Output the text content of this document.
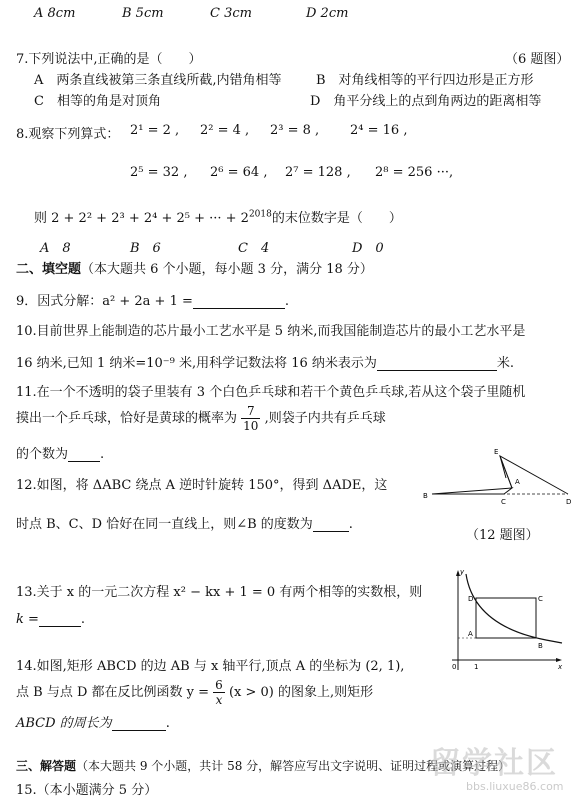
A 8cm	B 5cm	C 3cm	D 2cm
7.下列说法中,正确的是（　　）	（6 题图）
A　两条直线被第三条直线所截,内错角相等	B　对角线相等的平行四边形是正方形
C　相等的角是对顶角	D　角平分线上的点到角两边的距离相等
8.观察下列算式： 2¹ = 2 , 2² = 4 , 2³ = 8 , 2⁴ = 16 ,
2⁵ = 32 , 2⁶ = 64 , 2⁷ = 128 , 2⁸ = 256 ···,
则 2 + 2² + 2³ + 2⁴ + 2⁵ + ··· + $2^{2018}$的末位数字是（　　）
A　8	B　6	C　4	D　0
二、填空题（本大题共 6 个小题，每小题 3 分，满分 18 分）
9．因式分解：a² + 2a + 1 =	.
10.目前世界上能制造的芯片最小工艺水平是 5 纳米,而我国能制造芯片的最小工艺水平是
16 纳米,已知 1 纳米=10⁻⁹ 米,用科学记数法将 16 纳米表示为	米.
11.在一个不透明的袋子里装有 3 个白色乒乓球和若干个黄色乒乓球,若从这个袋子里随机
摸出一个乒乓球，恰好是黄球的概率为 $\frac{7}{10}$ ,则袋子内共有乒乓球
的个数为 .
12.如图，将 ΔABC 绕点 A 逆时针旋转 150°，得到 ΔADE，这
时点 B、C、D 恰好在同一直线上，则∠B 的度数为	.
E
B
A
C	D
（12 题图）
13.关于 x 的一元二次方程 x² − kx + 1 = 0 有两个相等的实数根，则
k =	.
y
x
0	1
D	C
A
B
14.如图,矩形 ABCD 的边 AB 与 x 轴平行,顶点 A 的坐标为 (2, 1),
点 B 与点 D 都在反比例函数 $y = \frac{6}{x} (x > 0)$ 的图象上,则矩形
ABCD 的周长为	.
三、解答题（本大题共 9 个小题，共计 58 分，解答应写出文字说明、证明过程或演算过程）
15.（本小题满分 5 分）
留学社区
bbs.liuxue86.com
